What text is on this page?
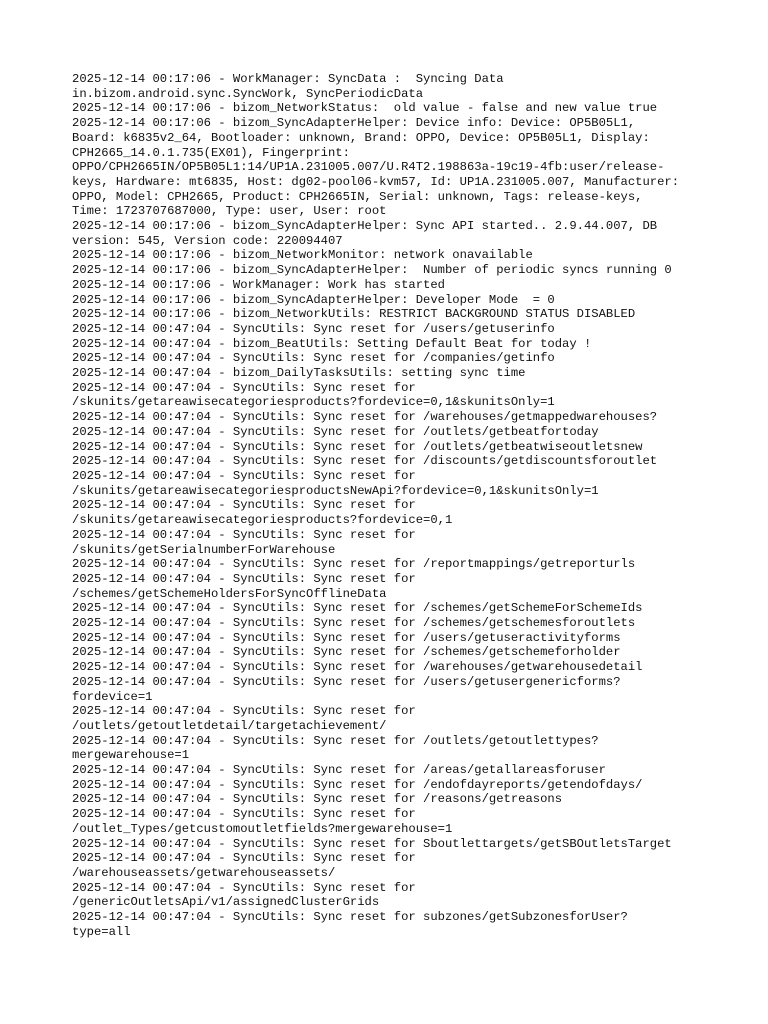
2025-12-14 00:17:06 - WorkManager: SyncData :  Syncing Data
in.bizom.android.sync.SyncWork, SyncPeriodicData
2025-12-14 00:17:06 - bizom_NetworkStatus:  old value - false and new value true
2025-12-14 00:17:06 - bizom_SyncAdapterHelper: Device info: Device: OP5B05L1,
Board: k6835v2_64, Bootloader: unknown, Brand: OPPO, Device: OP5B05L1, Display:
CPH2665_14.0.1.735(EX01), Fingerprint:
OPPO/CPH2665IN/OP5B05L1:14/UP1A.231005.007/U.R4T2.198863a-19c19-4fb:user/release-
keys, Hardware: mt6835, Host: dg02-pool06-kvm57, Id: UP1A.231005.007, Manufacturer:
OPPO, Model: CPH2665, Product: CPH2665IN, Serial: unknown, Tags: release-keys,
Time: 1723707687000, Type: user, User: root
2025-12-14 00:17:06 - bizom_SyncAdapterHelper: Sync API started.. 2.9.44.007, DB
version: 545, Version code: 220094407
2025-12-14 00:17:06 - bizom_NetworkMonitor: network onavailable
2025-12-14 00:17:06 - bizom_SyncAdapterHelper:  Number of periodic syncs running 0
2025-12-14 00:17:06 - WorkManager: Work has started
2025-12-14 00:17:06 - bizom_SyncAdapterHelper: Developer Mode  = 0
2025-12-14 00:17:06 - bizom_NetworkUtils: RESTRICT BACKGROUND STATUS DISABLED
2025-12-14 00:47:04 - SyncUtils: Sync reset for /users/getuserinfo
2025-12-14 00:47:04 - bizom_BeatUtils: Setting Default Beat for today !
2025-12-14 00:47:04 - SyncUtils: Sync reset for /companies/getinfo
2025-12-14 00:47:04 - bizom_DailyTasksUtils: setting sync time
2025-12-14 00:47:04 - SyncUtils: Sync reset for
/skunits/getareawisecategoriesproducts?fordevice=0,1&skunitsOnly=1
2025-12-14 00:47:04 - SyncUtils: Sync reset for /warehouses/getmappedwarehouses?
2025-12-14 00:47:04 - SyncUtils: Sync reset for /outlets/getbeatfortoday
2025-12-14 00:47:04 - SyncUtils: Sync reset for /outlets/getbeatwiseoutletsnew
2025-12-14 00:47:04 - SyncUtils: Sync reset for /discounts/getdiscountsforoutlet
2025-12-14 00:47:04 - SyncUtils: Sync reset for
/skunits/getareawisecategoriesproductsNewApi?fordevice=0,1&skunitsOnly=1
2025-12-14 00:47:04 - SyncUtils: Sync reset for
/skunits/getareawisecategoriesproducts?fordevice=0,1
2025-12-14 00:47:04 - SyncUtils: Sync reset for
/skunits/getSerialnumberForWarehouse
2025-12-14 00:47:04 - SyncUtils: Sync reset for /reportmappings/getreporturls
2025-12-14 00:47:04 - SyncUtils: Sync reset for
/schemes/getSchemeHoldersForSyncOfflineData
2025-12-14 00:47:04 - SyncUtils: Sync reset for /schemes/getSchemeForSchemeIds
2025-12-14 00:47:04 - SyncUtils: Sync reset for /schemes/getschemesforoutlets
2025-12-14 00:47:04 - SyncUtils: Sync reset for /users/getuseractivityforms
2025-12-14 00:47:04 - SyncUtils: Sync reset for /schemes/getschemeforholder
2025-12-14 00:47:04 - SyncUtils: Sync reset for /warehouses/getwarehousedetail
2025-12-14 00:47:04 - SyncUtils: Sync reset for /users/getusergenericforms?
fordevice=1
2025-12-14 00:47:04 - SyncUtils: Sync reset for
/outlets/getoutletdetail/targetachievement/
2025-12-14 00:47:04 - SyncUtils: Sync reset for /outlets/getoutlettypes?
mergewarehouse=1
2025-12-14 00:47:04 - SyncUtils: Sync reset for /areas/getallareasforuser
2025-12-14 00:47:04 - SyncUtils: Sync reset for /endofdayreports/getendofdays/
2025-12-14 00:47:04 - SyncUtils: Sync reset for /reasons/getreasons
2025-12-14 00:47:04 - SyncUtils: Sync reset for
/outlet_Types/getcustomoutletfields?mergewarehouse=1
2025-12-14 00:47:04 - SyncUtils: Sync reset for Sboutlettargets/getSBOutletsTarget
2025-12-14 00:47:04 - SyncUtils: Sync reset for
/warehouseassets/getwarehouseassets/
2025-12-14 00:47:04 - SyncUtils: Sync reset for
/genericOutletsApi/v1/assignedClusterGrids
2025-12-14 00:47:04 - SyncUtils: Sync reset for subzones/getSubzonesforUser?
type=all
